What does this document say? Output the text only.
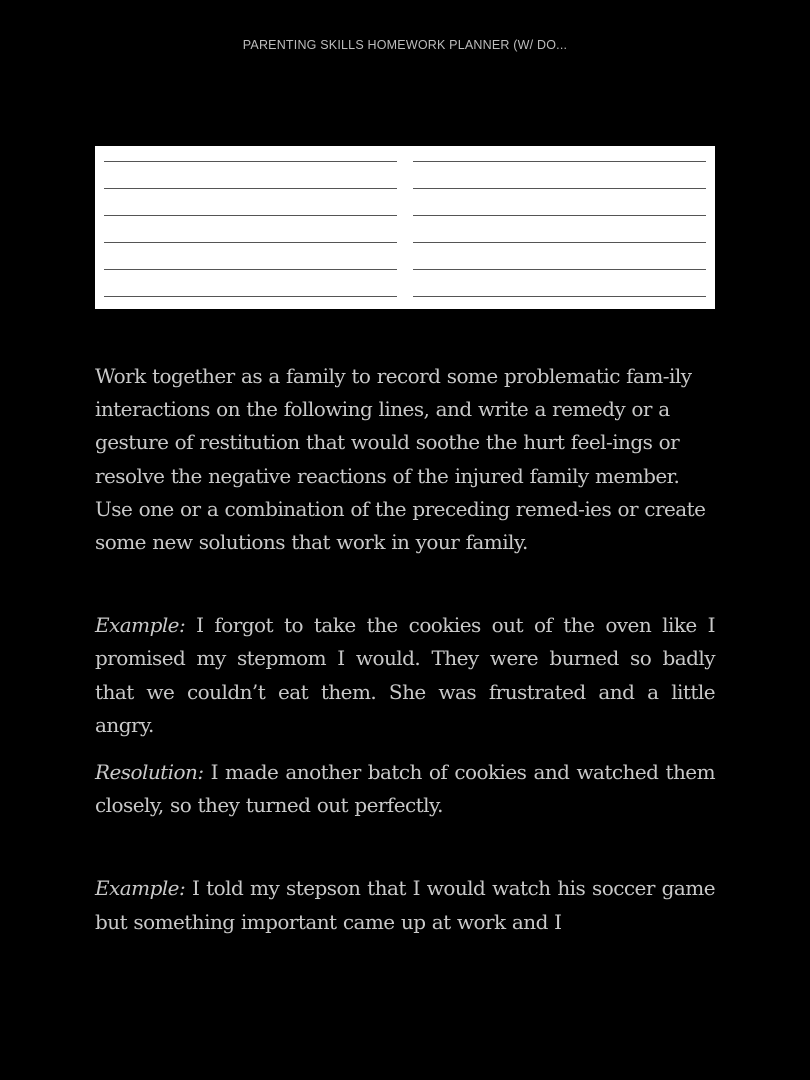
PARENTING SKILLS HOMEWORK PLANNER (W/ DO...

Work together as a family to record some problematic fam-ily interactions on the following lines, and write a remedy or a gesture of restitution that would soothe the hurt feel-ings or resolve the negative reactions of the injured family member. Use one or a combination of the preceding remed-ies or create some new solutions that work in your family.

Example: I forgot to take the cookies out of the oven like I promised my stepmom I would. They were burned so badly that we couldn’t eat them. She was frustrated and a little angry.

Resolution: I made another batch of cookies and watched them closely, so they turned out perfectly.

Example: I told my stepson that I would watch his soccer game but something important came up at work and I
